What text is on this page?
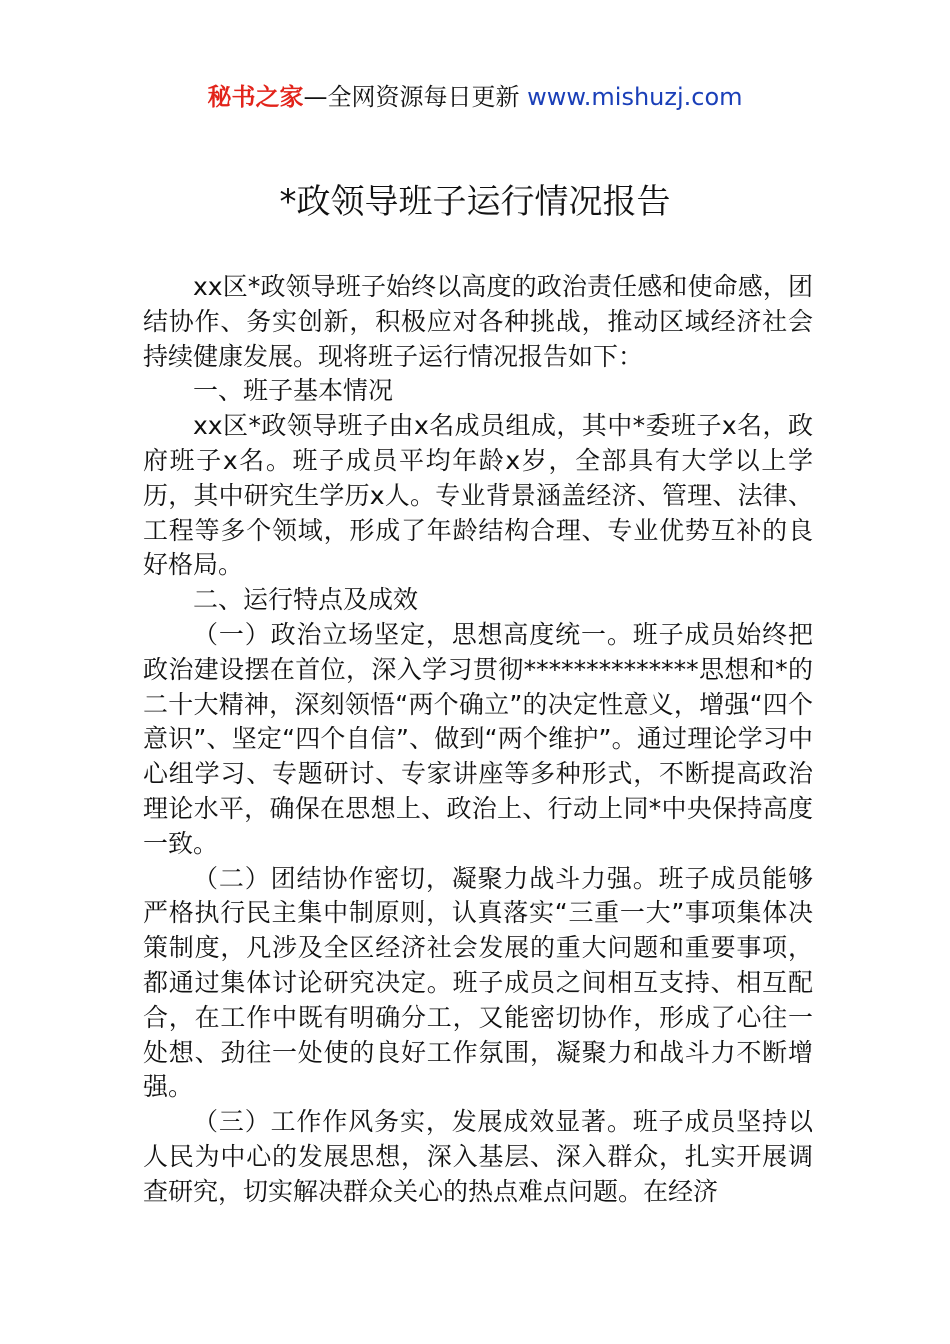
秘书之家—全网资源每日更新 www.mishuzj.com
*政领导班子运行情况报告

xx区*政领导班子始终以高度的政治责任感和使命感，团结协作、务实创新，积极应对各种挑战，推动区域经济社会持续健康发展。现将班子运行情况报告如下：

一、班子基本情况

xx区*政领导班子由x名成员组成，其中*委班子x名，政府班子x名。班子成员平均年龄x岁，全部具有大学以上学历，其中研究生学历x人。专业背景涵盖经济、管理、法律、工程等多个领域，形成了年龄结构合理、专业优势互补的良好格局。

二、运行特点及成效

（一）政治立场坚定，思想高度统一。班子成员始终把政治建设摆在首位，深入学习贯彻**************思想和*的二十大精神，深刻领悟“两个确立”的决定性意义，增强“四个意识”、坚定“四个自信”、做到“两个维护”。通过理论学习中心组学习、专题研讨、专家讲座等多种形式，不断提高政治理论水平，确保在思想上、政治上、行动上同*中央保持高度一致。

（二）团结协作密切，凝聚力战斗力强。班子成员能够严格执行民主集中制原则，认真落实“三重一大”事项集体决策制度，凡涉及全区经济社会发展的重大问题和重要事项，都通过集体讨论研究决定。班子成员之间相互支持、相互配合，在工作中既有明确分工，又能密切协作，形成了心往一处想、劲往一处使的良好工作氛围，凝聚力和战斗力不断增强。

（三）工作作风务实，发展成效显著。班子成员坚持以人民为中心的发展思想，深入基层、深入群众，扎实开展调查研究，切实解决群众关心的热点难点问题。在经济
